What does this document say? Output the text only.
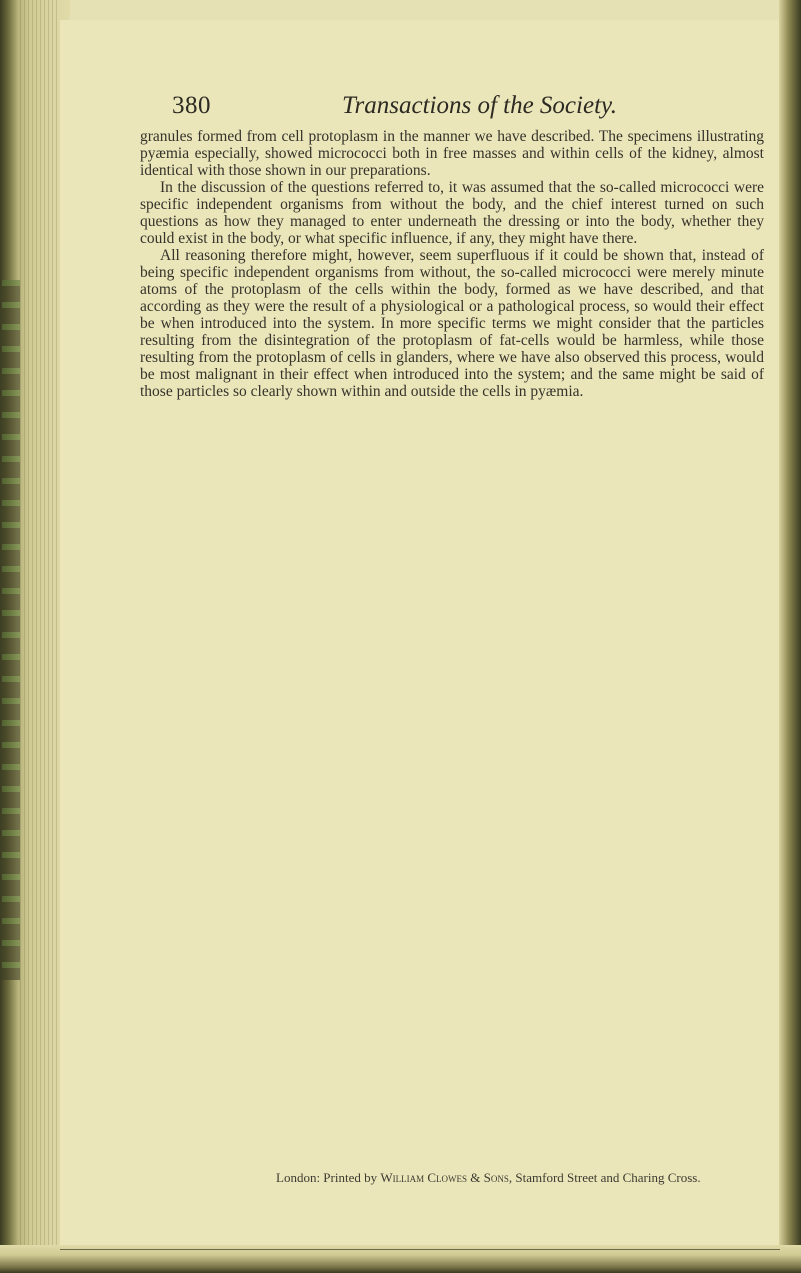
380	Transactions of the Society.

granules formed from cell protoplasm in the manner we have described. The specimens illustrating pyæmia especially, showed micrococci both in free masses and within cells of the kidney, almost identical with those shown in our preparations.

In the discussion of the questions referred to, it was assumed that the so-called micrococci were specific independent organisms from without the body, and the chief interest turned on such questions as how they managed to enter underneath the dressing or into the body, whether they could exist in the body, or what specific influence, if any, they might have there.

All reasoning therefore might, however, seem superfluous if it could be shown that, instead of being specific independent organisms from without, the so-called micrococci were merely minute atoms of the protoplasm of the cells within the body, formed as we have described, and that according as they were the result of a physiological or a pathological process, so would their effect be when introduced into the system. In more specific terms we might consider that the particles resulting from the disintegration of the protoplasm of fat-cells would be harmless, while those resulting from the protoplasm of cells in glanders, where we have also observed this process, would be most malignant in their effect when introduced into the system; and the same might be said of those particles so clearly shown within and outside the cells in pyæmia.

London: Printed by William Clowes & Sons, Stamford Street and Charing Cross.
